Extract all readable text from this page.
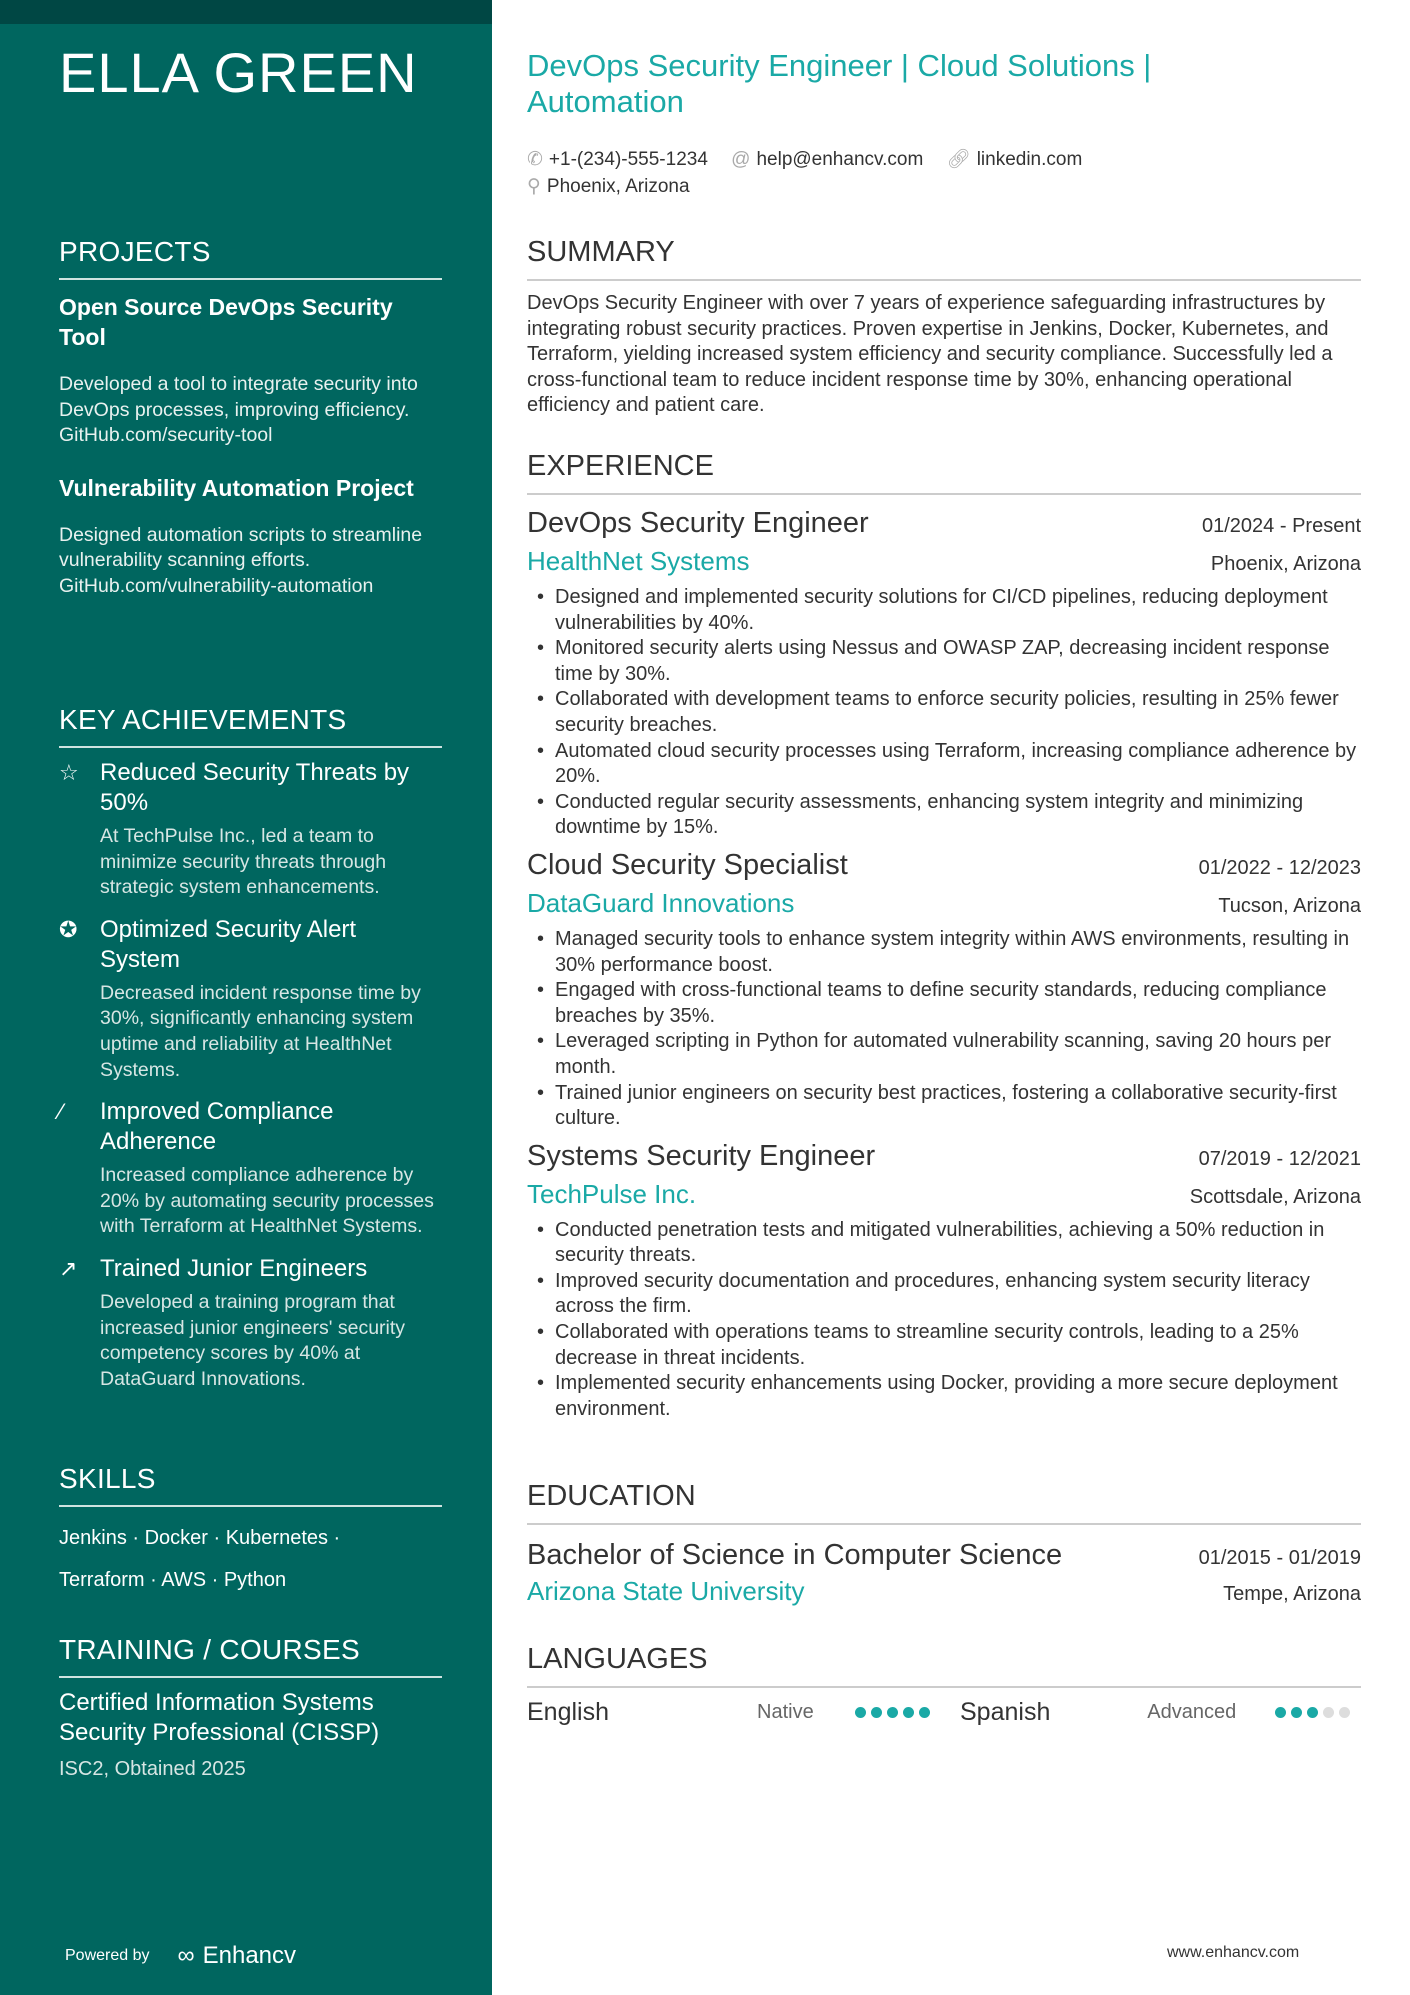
ELLA GREEN
PROJECTS
Open Source DevOps Security Tool
Developed a tool to integrate security into DevOps processes, improving efficiency. GitHub.com/security-tool
Vulnerability Automation Project
Designed automation scripts to streamline vulnerability scanning efforts. GitHub.com/vulnerability-automation
KEY ACHIEVEMENTS
☆ Reduced Security Threats by 50%
At TechPulse Inc., led a team to minimize security threats through strategic system enhancements.
✪ Optimized Security Alert System
Decreased incident response time by 30%, significantly enhancing system uptime and reliability at HealthNet Systems.
⁄	Improved Compliance Adherence
Increased compliance adherence by 20% by automating security processes with Terraform at HealthNet Systems.
↗ Trained Junior Engineers
Developed a training program that increased junior engineers' security competency scores by 40% at DataGuard Innovations.
SKILLS
Jenkins · Docker · Kubernetes ·
Terraform · AWS · Python
TRAINING / COURSES
Certified Information Systems Security Professional (CISSP)
ISC2, Obtained 2025
Powered by ∞ Enhancv
DevOps Security Engineer | Cloud Solutions | Automation
✆ +1-(234)-555-1234 @ help@enhancv.com 🔗︎ linkedin.com
⚲ Phoenix, Arizona
SUMMARY
DevOps Security Engineer with over 7 years of experience safeguarding infrastructures by integrating robust security practices. Proven expertise in Jenkins, Docker, Kubernetes, and Terraform, yielding increased system efficiency and security compliance. Successfully led a cross-functional team to reduce incident response time by 30%, enhancing operational efficiency and patient care.
EXPERIENCE
DevOps Security Engineer	01/2024 - Present
HealthNet Systems	Phoenix, Arizona
• Designed and implemented security solutions for CI/CD pipelines, reducing deployment vulnerabilities by 40%.
• Monitored security alerts using Nessus and OWASP ZAP, decreasing incident response time by 30%.
• Collaborated with development teams to enforce security policies, resulting in 25% fewer security breaches.
• Automated cloud security processes using Terraform, increasing compliance adherence by 20%.
• Conducted regular security assessments, enhancing system integrity and minimizing downtime by 15%.
Cloud Security Specialist	01/2022 - 12/2023
DataGuard Innovations	Tucson, Arizona
• Managed security tools to enhance system integrity within AWS environments, resulting in 30% performance boost.
• Engaged with cross-functional teams to define security standards, reducing compliance breaches by 35%.
• Leveraged scripting in Python for automated vulnerability scanning, saving 20 hours per month.
• Trained junior engineers on security best practices, fostering a collaborative security-first culture.
Systems Security Engineer	07/2019 - 12/2021
TechPulse Inc.	Scottsdale, Arizona
• Conducted penetration tests and mitigated vulnerabilities, achieving a 50% reduction in security threats.
• Improved security documentation and procedures, enhancing system security literacy across the firm.
• Collaborated with operations teams to streamline security controls, leading to a 25% decrease in threat incidents.
• Implemented security enhancements using Docker, providing a more secure deployment environment.
EDUCATION
Bachelor of Science in Computer Science	01/2015 - 01/2019
Arizona State University	Tempe, Arizona
LANGUAGES
English	Native	Spanish	Advanced
www.enhancv.com
